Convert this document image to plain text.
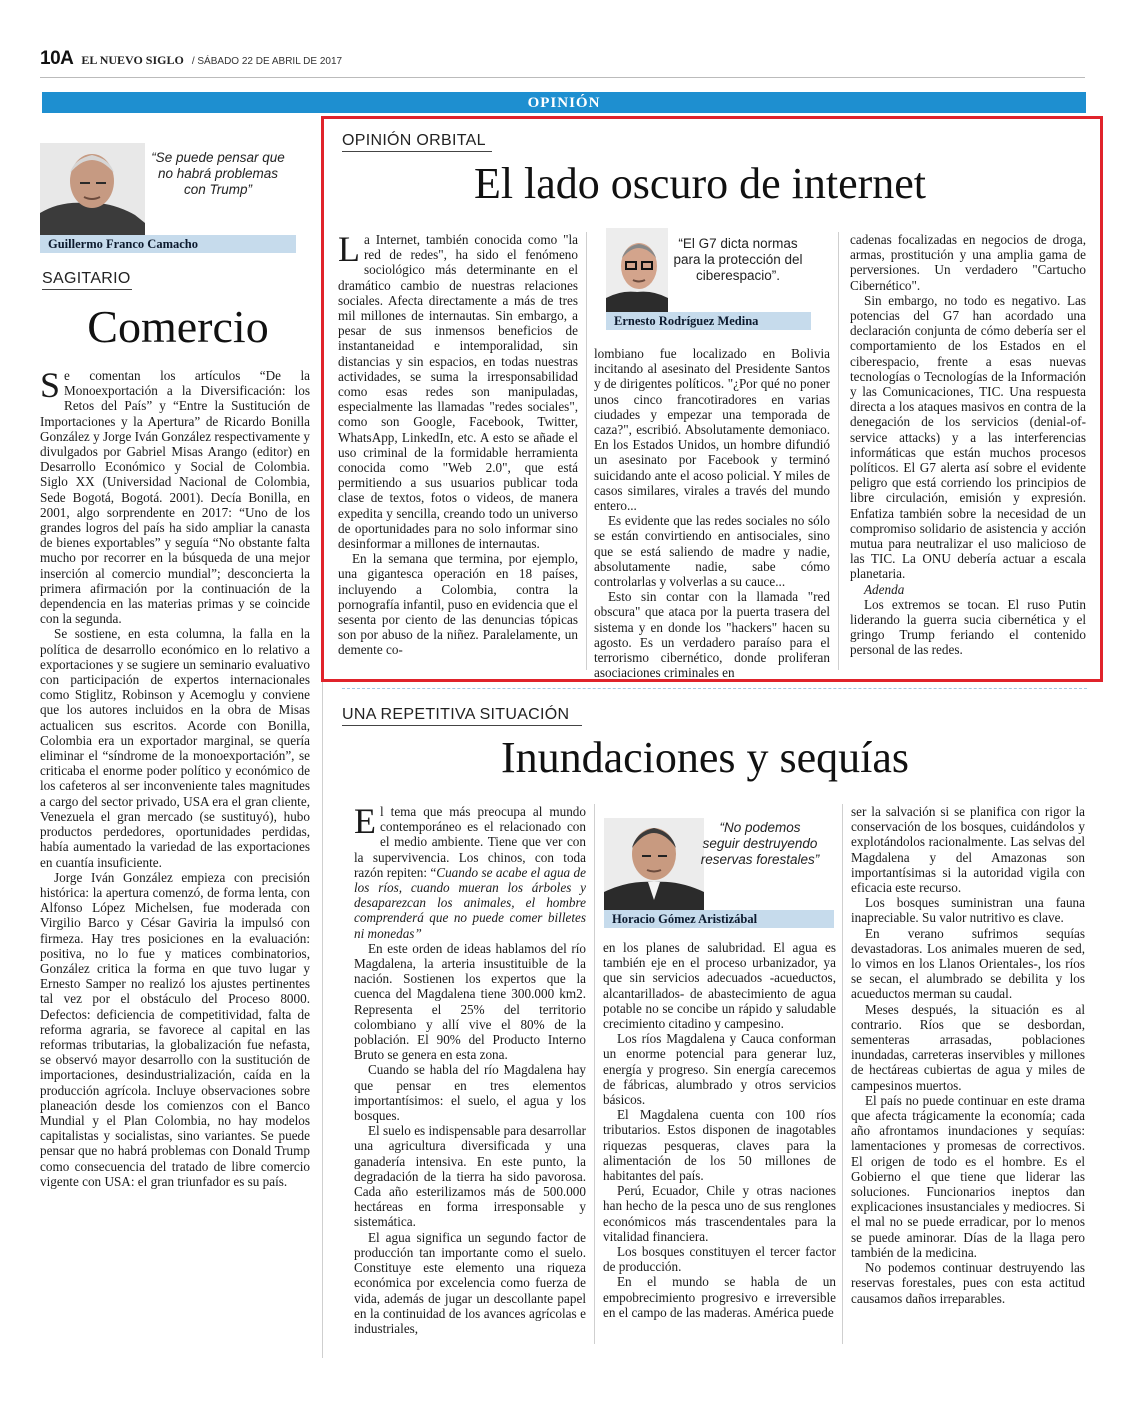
10A EL NUEVO SIGLO / SÁBADO 22 DE ABRIL DE 2017
OPINIÓN
“Se puede pensar que no habrá problemas con Trump”
Guillermo Franco Camacho
SAGITARIO
Comercio

Se comentan los artículos “De la Monoexportación a la Diversificación: los Retos del País” y “Entre la Sustitución de Importaciones y la Apertura” de Ricardo Bonilla González y Jorge Iván González respectivamente y divulgados por Gabriel Misas Arango (editor) en Desarrollo Económico y Social de Colombia. Siglo XX (Universidad Nacional de Colombia, Sede Bogotá, Bogotá. 2001). Decía Bonilla, en 2001, algo sorprendente en 2017: “Uno de los grandes logros del país ha sido ampliar la canasta de bienes exportables” y seguía “No obstante falta mucho por recorrer en la búsqueda de una mejor inserción al comercio mundial”; desconcierta la primera afirmación por la continuación de la dependencia en las materias primas y se coincide con la segunda.

Se sostiene, en esta columna, la falla en la política de desarrollo económico en lo relativo a exportaciones y se sugiere un seminario evaluativo con participación de expertos internacionales como Stiglitz, Robinson y Acemoglu y conviene que los autores incluidos en la obra de Misas actualicen sus escritos. Acorde con Bonilla, Colombia era un exportador marginal, se quería eliminar el “síndrome de la monoexportación”, se criticaba el enorme poder político y económico de los cafeteros al ser inconveniente tales magnitudes a cargo del sector privado, USA era el gran cliente, Venezuela el gran mercado (se sustituyó), hubo productos perdedores, oportunidades perdidas, había aumentado la variedad de las exportaciones en cuantía insuficiente.

Jorge Iván González empieza con precisión histórica: la apertura comenzó, de forma lenta, con Alfonso López Michelsen, fue moderada con Virgilio Barco y César Gaviria la impulsó con firmeza. Hay tres posiciones en la evaluación: positiva, no lo fue y matices combinatorios, González critica la forma en que tuvo lugar y Ernesto Samper no realizó los ajustes pertinentes tal vez por el obstáculo del Proceso 8000. Defectos: deficiencia de competitividad, falta de reforma agraria, se favorece al capital en las reformas tributarias, la globalización fue nefasta, se observó mayor desarrollo con la sustitución de importaciones, desindustrialización, caída en la producción agrícola. Incluye observaciones sobre planeación desde los comienzos con el Banco Mundial y el Plan Colombia, no hay modelos capitalistas y socialistas, sino variantes. Se puede pensar que no habrá problemas con Donald Trump como consecuencia del tratado de libre comercio vigente con USA: el gran triunfador es su país.

OPINIÓN ORBITAL
El lado oscuro de internet

La Internet, también conocida como "la red de redes", ha sido el fenómeno sociológico más determinante en el dramático cambio de nuestras relaciones sociales. Afecta directamente a más de tres mil millones de internautas. Sin embargo, a pesar de sus inmensos beneficios de instantaneidad e intemporalidad, sin distancias y sin espacios, en todas nuestras actividades, se suma la irresponsabilidad como esas redes son manipuladas, especialmente las llamadas "redes sociales", como son Google, Facebook, Twitter, WhatsApp, LinkedIn, etc. A esto se añade el uso criminal de la formidable herramienta conocida como "Web 2.0", que está permitiendo a sus usuarios publicar toda clase de textos, fotos o videos, de manera expedita y sencilla, creando todo un universo de oportunidades para no solo informar sino desinformar a millones de internautas.

En la semana que termina, por ejemplo, una gigantesca operación en 18 países, incluyendo a Colombia, contra la pornografía infantil, puso en evidencia que el sesenta por ciento de las denuncias tópicas son por abuso de la niñez. Paralelamente, un demente co-

“El G7 dicta normas para la protección del ciberespacio”.
Ernesto Rodríguez Medina

lombiano fue localizado en Bolivia incitando al asesinato del Presidente Santos y de dirigentes políticos. "¿Por qué no poner unos cinco francotiradores en varias ciudades y empezar una temporada de caza?", escribió. Absolutamente demoniaco. En los Estados Unidos, un hombre difundió un asesinato por Facebook y terminó suicidando ante el acoso policial. Y miles de casos similares, virales a través del mundo entero...

Es evidente que las redes sociales no sólo se están convirtiendo en antisociales, sino que se está saliendo de madre y nadie, absolutamente nadie, sabe cómo controlarlas y volverlas a su cauce...

Esto sin contar con la llamada "red obscura" que ataca por la puerta trasera del sistema y en donde los "hackers" hacen su agosto. Es un verdadero paraíso para el terrorismo cibernético, donde proliferan asociaciones criminales en

cadenas focalizadas en negocios de droga, armas, prostitución y una amplia gama de perversiones. Un verdadero "Cartucho Cibernético".

Sin embargo, no todo es negativo. Las potencias del G7 han acordado una declaración conjunta de cómo debería ser el comportamiento de los Estados en el ciberespacio, frente a esas nuevas tecnologías o Tecnologías de la Información y las Comunicaciones, TIC. Una respuesta directa a los ataques masivos en contra de la denegación de los servicios (denial-of-service attacks) y a las interferencias informáticas que están muchos procesos políticos. El G7 alerta así sobre el evidente peligro que está corriendo los principios de libre circulación, emisión y expresión. Enfatiza también sobre la necesidad de un compromiso solidario de asistencia y acción mutua para neutralizar el uso malicioso de las TIC. La ONU debería actuar a escala planetaria.

Adenda

Los extremos se tocan. El ruso Putin liderando la guerra sucia cibernética y el gringo Trump feriando el contenido personal de las redes.

UNA REPETITIVA SITUACIÓN
Inundaciones y sequías

El tema que más preocupa al mundo contemporáneo es el relacionado con el medio ambiente. Tiene que ver con la supervivencia. Los chinos, con toda razón repiten: “Cuando se acabe el agua de los ríos, cuando mueran los árboles y desaparezcan los animales, el hombre comprenderá que no puede comer billetes ni monedas”

En este orden de ideas hablamos del río Magdalena, la arteria insustituible de la nación. Sostienen los expertos que la cuenca del Magdalena tiene 300.000 km2. Representa el 25% del territorio colombiano y allí vive el 80% de la población. El 90% del Producto Interno Bruto se genera en esta zona.

Cuando se habla del río Magdalena hay que pensar en tres elementos importantísimos: el suelo, el agua y los bosques.

El suelo es indispensable para desarrollar una agricultura diversificada y una ganadería intensiva. En este punto, la degradación de la tierra ha sido pavorosa. Cada año esterilizamos más de 500.000 hectáreas en forma irresponsable y sistemática.

El agua significa un segundo factor de producción tan importante como el suelo. Constituye este elemento una riqueza económica por excelencia como fuerza de vida, además de jugar un descollante papel en la continuidad de los avances agrícolas e industriales,

“No podemos seguir destruyendo reservas forestales”
Horacio Gómez Aristizábal

en los planes de salubridad. El agua es también eje en el proceso urbanizador, ya que sin servicios adecuados -acueductos, alcantarillados- de abastecimiento de agua potable no se concibe un rápido y saludable crecimiento citadino y campesino.

Los ríos Magdalena y Cauca conforman un enorme potencial para generar luz, energía y progreso. Sin energía carecemos de fábricas, alumbrado y otros servicios básicos.

El Magdalena cuenta con 100 ríos tributarios. Estos disponen de inagotables riquezas pesqueras, claves para la alimentación de los 50 millones de habitantes del país.

Perú, Ecuador, Chile y otras naciones han hecho de la pesca uno de sus renglones económicos más trascendentales para la vitalidad financiera.

Los bosques constituyen el tercer factor de producción.

En el mundo se habla de un empobrecimiento progresivo e irreversible en el campo de las maderas. América puede

ser la salvación si se planifica con rigor la conservación de los bosques, cuidándolos y explotándolos racionalmente. Las selvas del Magdalena y del Amazonas son importantísimas si la autoridad vigila con eficacia este recurso.

Los bosques suministran una fauna inapreciable. Su valor nutritivo es clave.

En verano sufrimos sequías devastadoras. Los animales mueren de sed, lo vimos en los Llanos Orientales-, los ríos se secan, el alumbrado se debilita y los acueductos merman su caudal.

Meses después, la situación es al contrario. Ríos que se desbordan, sementeras arrasadas, poblaciones inundadas, carreteras inservibles y millones de hectáreas cubiertas de agua y miles de campesinos muertos.

El país no puede continuar en este drama que afecta trágicamente la economía; cada año afrontamos inundaciones y sequías: lamentaciones y promesas de correctivos. El origen de todo es el hombre. Es el Gobierno el que tiene que liderar las soluciones. Funcionarios ineptos dan explicaciones insustanciales y mediocres. Si el mal no se puede erradicar, por lo menos se puede aminorar. Días de la llaga pero también de la medicina.

No podemos continuar destruyendo las reservas forestales, pues con esta actitud causamos daños irreparables.
